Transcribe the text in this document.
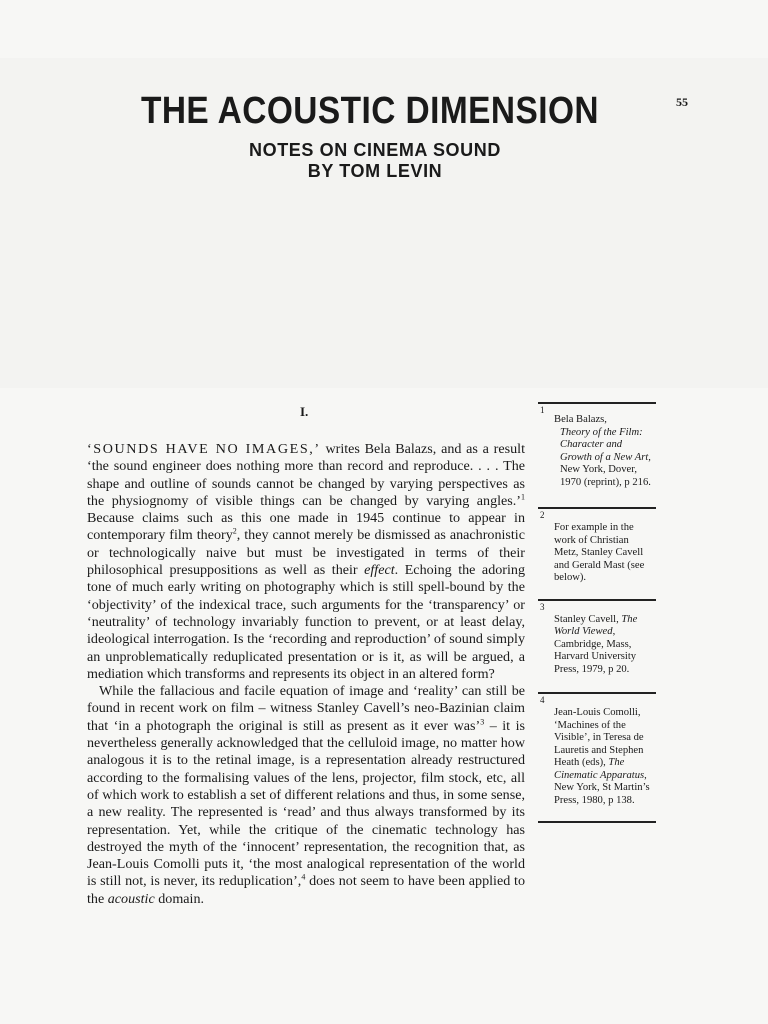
55
THE ACOUSTIC DIMENSION
NOTES ON CINEMA SOUND
BY TOM LEVIN
I.

‘SOUNDS HAVE NO IMAGES,’ writes Bela Balazs, and as a result ‘the sound engineer does nothing more than record and reproduce. . . . The shape and outline of sounds cannot be changed by varying perspectives as the physiognomy of visible things can be changed by varying angles.’$^1$ Because claims such as this one made in 1945 continue to appear in contemporary film theory$^2$, they cannot merely be dismissed as anachronistic or technologically naive but must be investigated in terms of their philosophical presuppositions as well as their effect. Echoing the adoring tone of much early writing on photography which is still spell-bound by the ‘objectivity’ of the indexical trace, such arguments for the ‘transparency’ or ‘neutrality’ of technology invariably function to prevent, or at least delay, ideological interrogation. Is the ‘recording and reproduction’ of sound simply an unproblematically reduplicated presentation or is it, as will be argued, a mediation which transforms and represents its object in an altered form?

While the fallacious and facile equation of image and ‘reality’ can still be found in recent work on film – witness Stanley Cavell’s neo-Bazinian claim that ‘in a photograph the original is still as present as it ever was’$^3$ – it is nevertheless generally acknowledged that the celluloid image, no matter how analogous it is to the retinal image, is a representation already restructured according to the formalising values of the lens, projector, film stock, etc, all of which work to establish a set of different relations and thus, in some sense, a new reality. The represented is ‘read’ and thus always transformed by its representation. Yet, while the critique of the cinematic technology has destroyed the myth of the ‘innocent’ representation, the recognition that, as Jean-Louis Comolli puts it, ‘the most analogical representation of the world is still not, is never, its reduplication’,$^4$ does not seem to have been applied to the acoustic domain.

1
Bela Balazs,
Theory of the Film: Character and Growth of a New Art, New York, Dover, 1970 (reprint), p 216.
2
For example in the work of Christian Metz, Stanley Cavell and Gerald Mast (see below).
3
Stanley Cavell, The World Viewed, Cambridge, Mass, Harvard University Press, 1979, p 20.
4
Jean-Louis Comolli, ‘Machines of the Visible’, in Teresa de Lauretis and Stephen Heath (eds), The Cinematic Apparatus, New York, St Martin’s Press, 1980, p 138.
